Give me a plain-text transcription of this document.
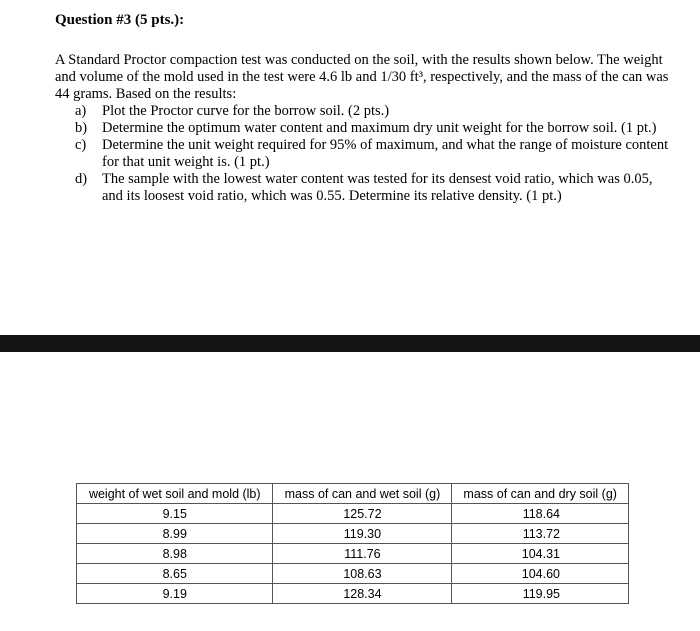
Question #3 (5 pts.):
A Standard Proctor compaction test was conducted on the soil, with the results shown below. The weight and volume of the mold used in the test were 4.6 lb and 1/30 ft³, respectively, and the mass of the can was 44 grams. Based on the results:
a) Plot the Proctor curve for the borrow soil. (2 pts.)
b) Determine the optimum water content and maximum dry unit weight for the borrow soil. (1 pt.)
c) Determine the unit weight required for 95% of maximum, and what the range of moisture content for that unit weight is. (1 pt.)
d) The sample with the lowest water content was tested for its densest void ratio, which was 0.05, and its loosest void ratio, which was 0.55. Determine its relative density. (1 pt.)
weight of wet soil and mold (lb)	mass of can and wet soil (g)	mass of can and dry soil (g)
9.15	125.72	118.64
8.99	119.30	113.72
8.98	111.76	104.31
8.65	108.63	104.60
9.19	128.34	119.95
